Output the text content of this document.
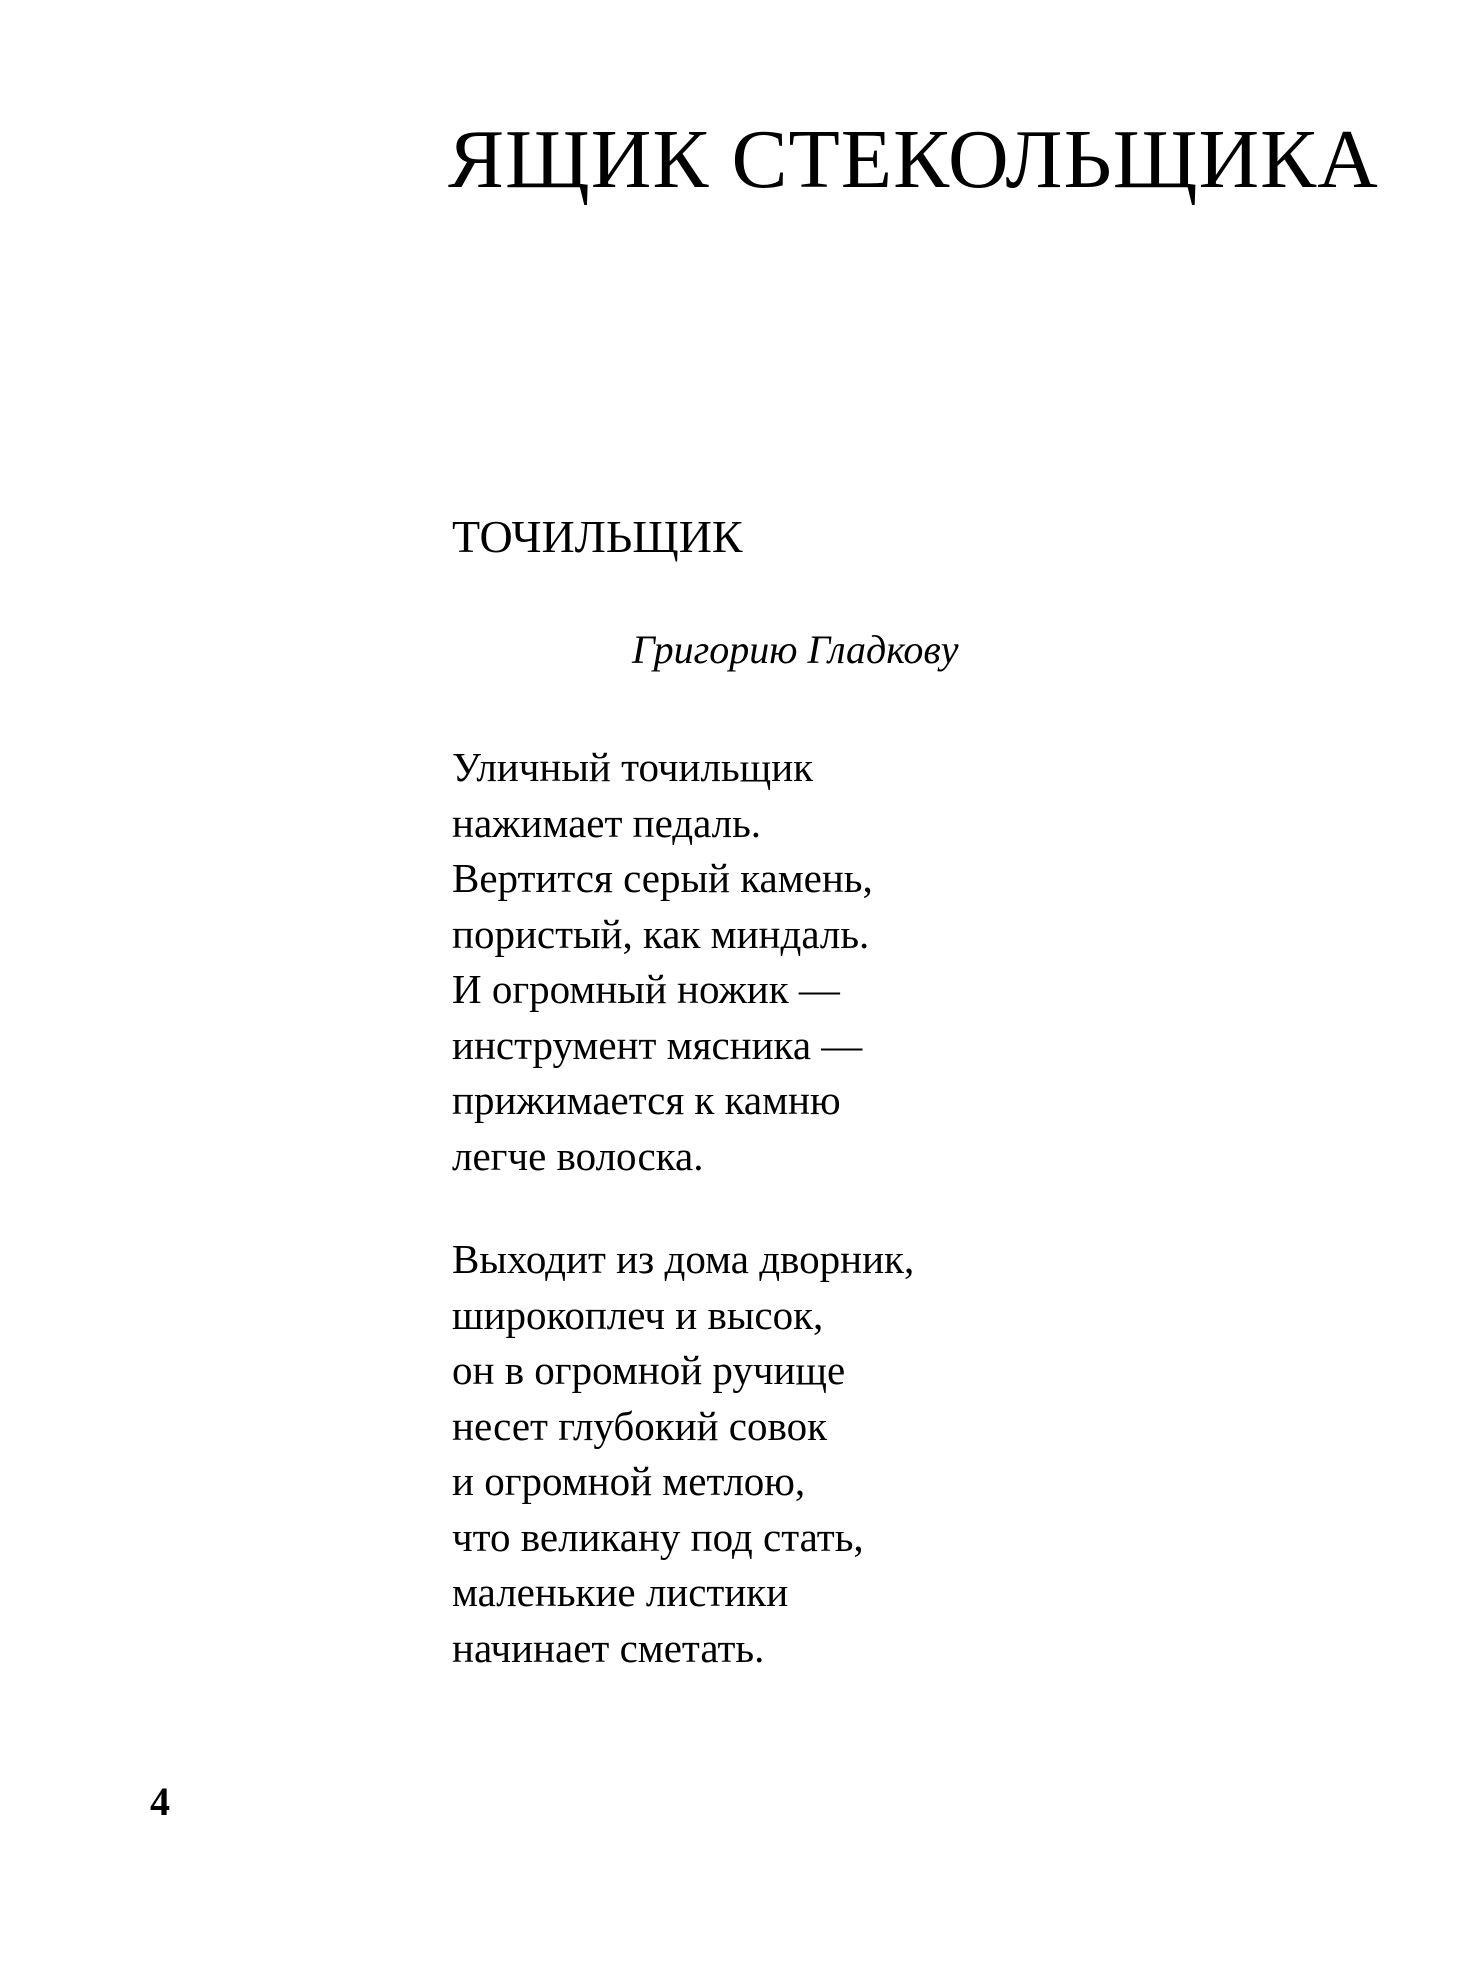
ЯЩИК СТЕКОЛЬЩИКА
ТОЧИЛЬЩИК
Григорию Гладкову
Уличный точильщик
нажимает педаль.
Вертится серый камень,
пористый, как миндаль.
И огромный ножик —
инструмент мясника —
прижимается к камню
легче волоска.
Выходит из дома дворник,
широкоплеч и высок,
он в огромной ручище
несет глубокий совок
и огромной метлою,
что великану под стать,
маленькие листики
начинает сметать.
4
